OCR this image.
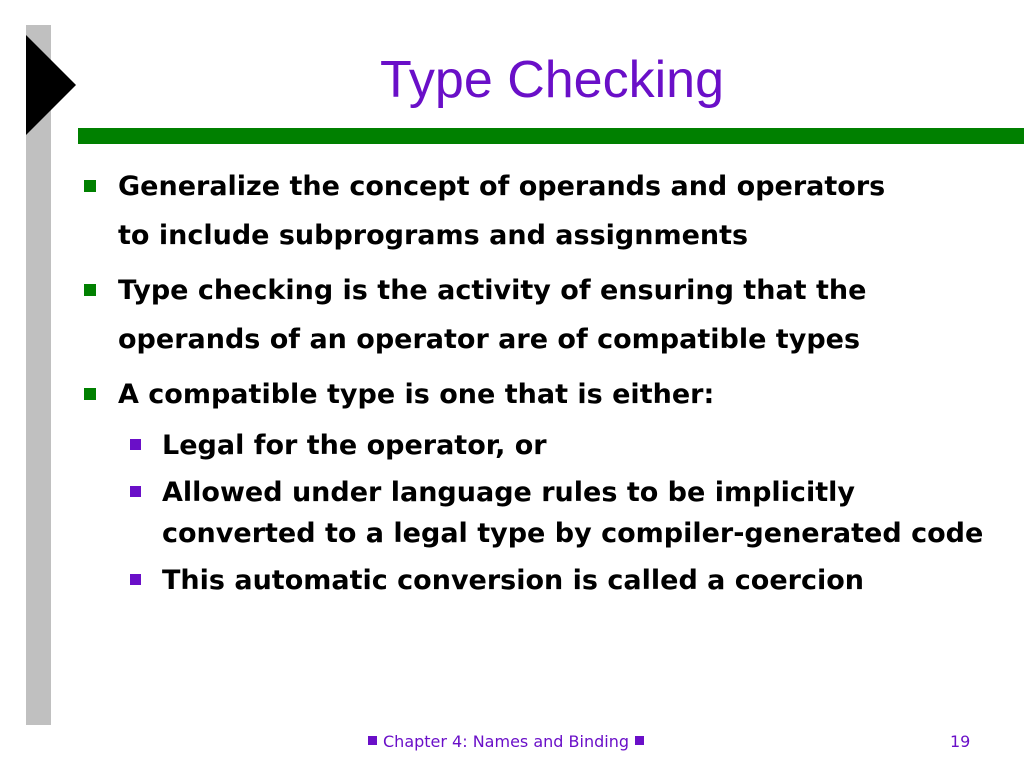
Type Checking
Generalize the concept of operands and operators
to include subprograms and assignments
Type checking is the activity of ensuring that the
operands of an operator are of compatible types
A compatible type is one that is either:
Legal for the operator, or
Allowed under language rules to be implicitly converted to a legal type by compiler-generated code
This automatic conversion is called a coercion
Chapter 4: Names and Binding	19
